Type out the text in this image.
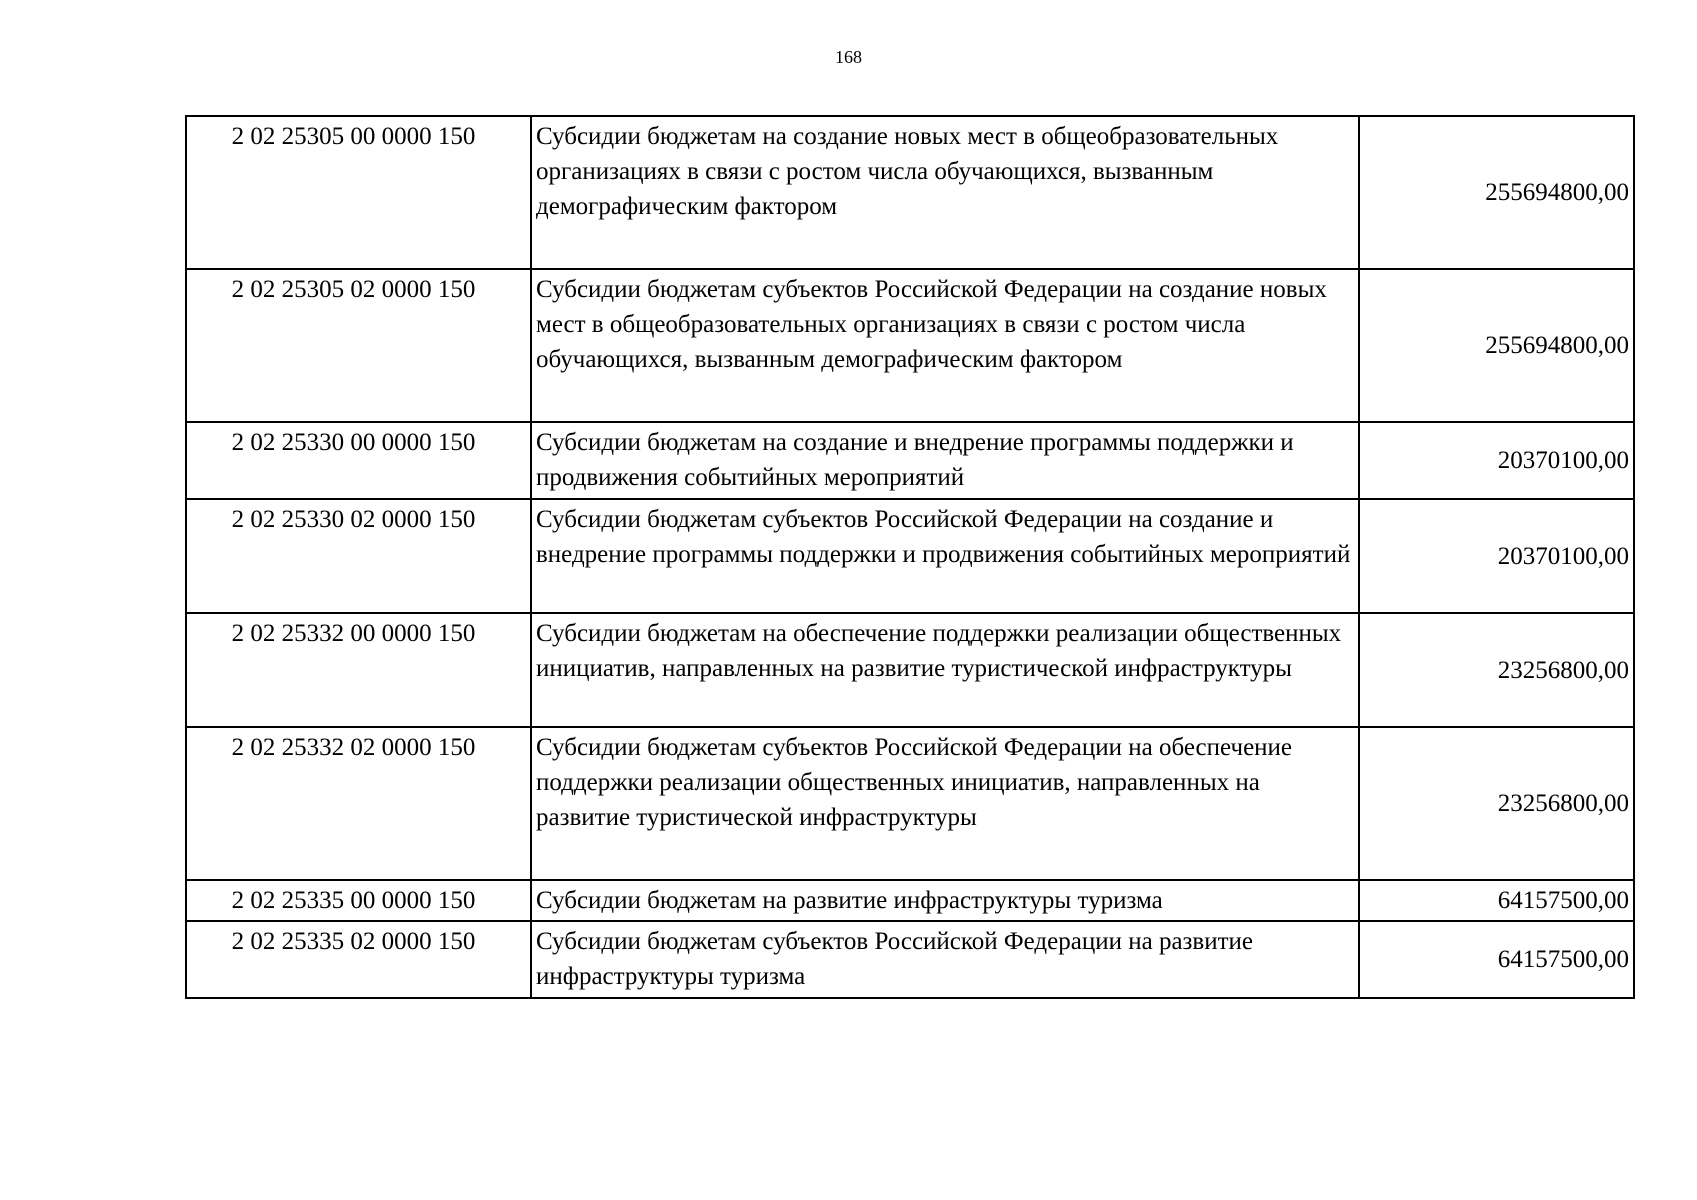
168
2 02 25305 00 0000 150	Субсидии бюджетам на создание новых мест в общеобразовательных организациях в связи с ростом числа обучающихся, вызванным демографическим фактором	255694800,00
2 02 25305 02 0000 150	Субсидии бюджетам субъектов Российской Федерации на создание новых мест в общеобразовательных организациях в связи с ростом числа обучающихся, вызванным демографическим фактором	255694800,00
2 02 25330 00 0000 150	Субсидии бюджетам на создание и внедрение программы поддержки и продвижения событийных мероприятий	20370100,00
2 02 25330 02 0000 150	Субсидии бюджетам субъектов Российской Федерации на создание и внедрение программы поддержки и продвижения событийных мероприятий	20370100,00
2 02 25332 00 0000 150	Субсидии бюджетам на обеспечение поддержки реализации общественных инициатив, направленных на развитие туристической инфраструктуры	23256800,00
2 02 25332 02 0000 150	Субсидии бюджетам субъектов Российской Федерации на обеспечение поддержки реализации общественных инициатив, направленных на развитие туристической инфраструктуры	23256800,00
2 02 25335 00 0000 150	Субсидии бюджетам на развитие инфраструктуры туризма	64157500,00
2 02 25335 02 0000 150	Субсидии бюджетам субъектов Российской Федерации на развитие инфраструктуры туризма	64157500,00
